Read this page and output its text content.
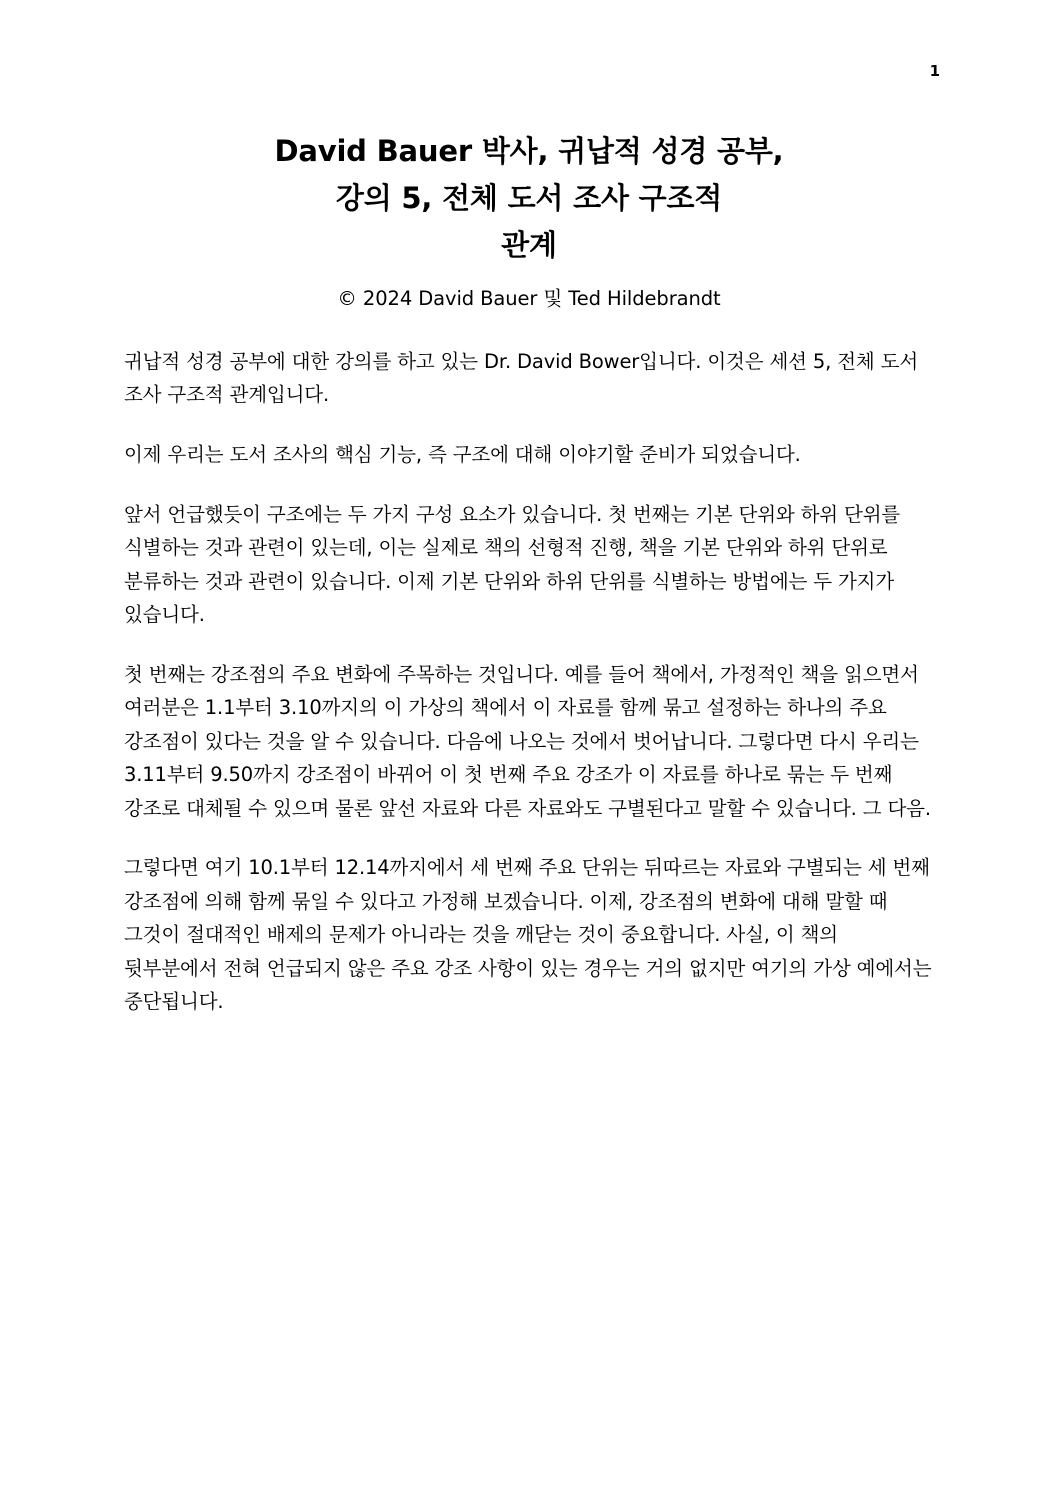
1
David Bauer 박사, 귀납적 성경 공부,
강의 5, 전체 도서 조사 구조적
관계
© 2024 David Bauer 및 Ted Hildebrandt

귀납적 성경 공부에 대한 강의를 하고 있는 Dr. David Bower입니다. 이것은 세션 5, 전체 도서 조사 구조적 관계입니다.

이제 우리는 도서 조사의 핵심 기능, 즉 구조에 대해 이야기할 준비가 되었습니다.

앞서 언급했듯이 구조에는 두 가지 구성 요소가 있습니다. 첫 번째는 기본 단위와 하위 단위를 식별하는 것과 관련이 있는데, 이는 실제로 책의 선형적 진행, 책을 기본 단위와 하위 단위로 분류하는 것과 관련이 있습니다. 이제 기본 단위와 하위 단위를 식별하는 방법에는 두 가지가 있습니다.

첫 번째는 강조점의 주요 변화에 주목하는 것입니다. 예를 들어 책에서, 가정적인 책을 읽으면서 여러분은 1.1부터 3.10까지의 이 가상의 책에서 이 자료를 함께 묶고 설정하는 하나의 주요 강조점이 있다는 것을 알 수 있습니다. 다음에 나오는 것에서 벗어납니다. 그렇다면 다시 우리는 3.11부터 9.50까지 강조점이 바뀌어 이 첫 번째 주요 강조가 이 자료를 하나로 묶는 두 번째 강조로 대체될 수 있으며 물론 앞선 자료와 다른 자료와도 구별된다고 말할 수 있습니다. 그 다음.

그렇다면 여기 10.1부터 12.14까지에서 세 번째 주요 단위는 뒤따르는 자료와 구별되는 세 번째 강조점에 의해 함께 묶일 수 있다고 가정해 보겠습니다. 이제, 강조점의 변화에 대해 말할 때 그것이 절대적인 배제의 문제가 아니라는 것을 깨닫는 것이 중요합니다. 사실, 이 책의 뒷부분에서 전혀 언급되지 않은 주요 강조 사항이 있는 경우는 거의 없지만 여기의 가상 예에서는 중단됩니다.
